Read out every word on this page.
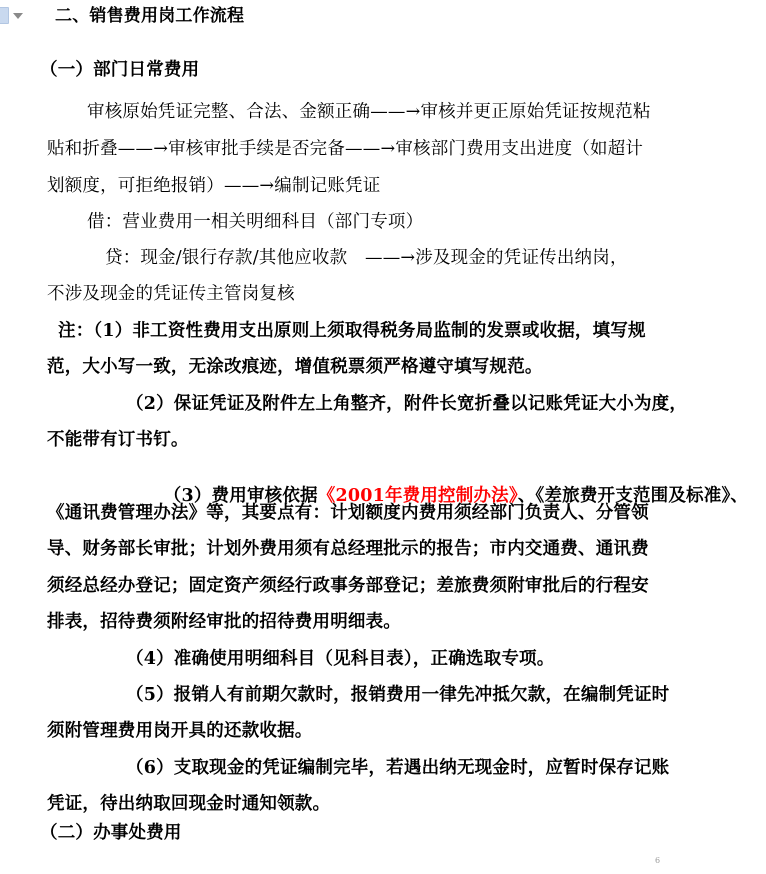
二、销售费用岗工作流程
（一）部门日常费用
审核原始凭证完整、合法、金额正确——→审核并更正原始凭证按规范粘
贴和折叠——→审核审批手续是否完备——→审核部门费用支出进度（如超计
划额度，可拒绝报销）——→编制记账凭证
借：营业费用一相关明细科目（部门专项）
贷：现金/银行存款/其他应收款　——→涉及现金的凭证传出纳岗，
不涉及现金的凭证传主管岗复核
注：（1）非工资性费用支出原则上须取得税务局监制的发票或收据，填写规
范，大小写一致，无涂改痕迹，增值税票须严格遵守填写规范。
（2）保证凭证及附件左上角整齐，附件长宽折叠以记账凭证大小为度，
不能带有订书钉。

（3）费用审核依据《2001年费用控制办法》、《差旅费开支范围及标准》、

《通讯费管理办法》等，其要点有：计划额度内费用须经部门负责人、分管领
导、财务部长审批；计划外费用须有总经理批示的报告；市内交通费、通讯费
须经总经办登记；固定资产须经行政事务部登记；差旅费须附审批后的行程安
排表，招待费须附经审批的招待费用明细表。
（4）准确使用明细科目（见科目表），正确选取专项。
（5）报销人有前期欠款时，报销费用一律先冲抵欠款，在编制凭证时
须附管理费用岗开具的还款收据。
（6）支取现金的凭证编制完毕，若遇出纳无现金时，应暂时保存记账
凭证，待出纳取回现金时通知领款。
（二）办事处费用
6
